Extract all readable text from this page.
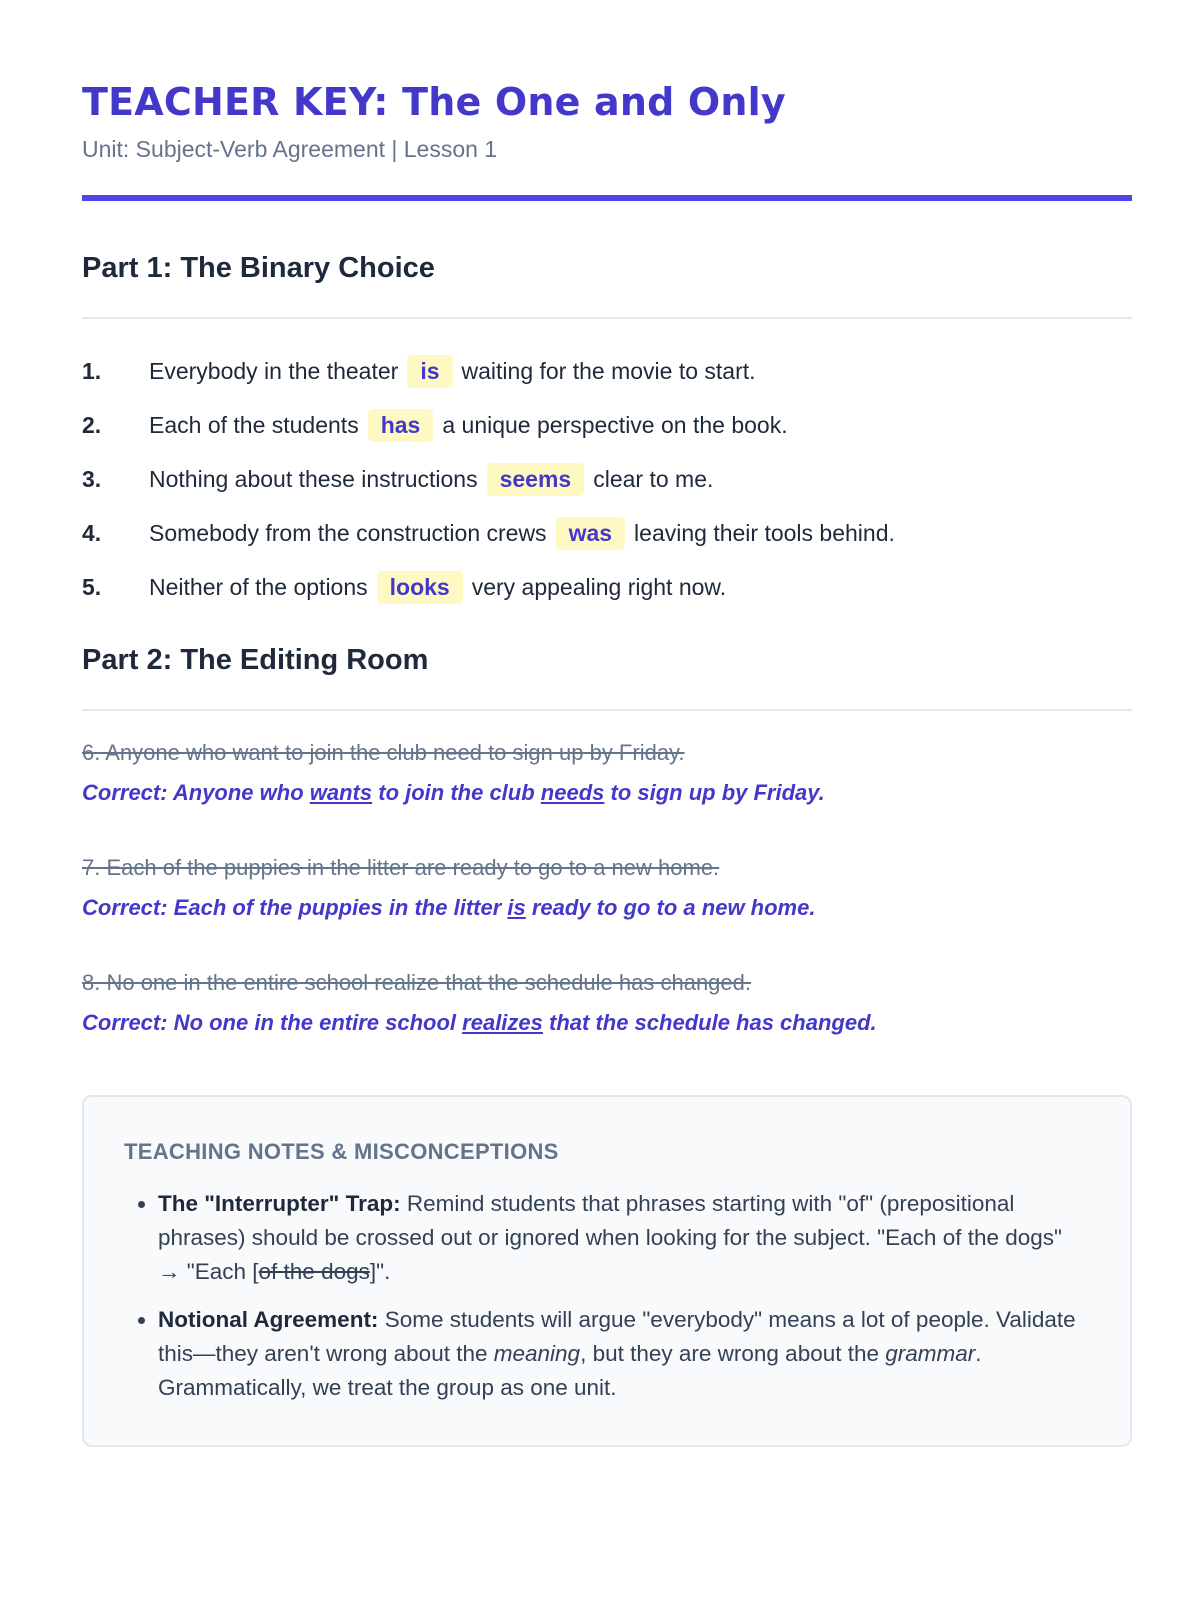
TEACHER KEY: The One and Only
Unit: Subject-Verb Agreement | Lesson 1
Part 1: The Binary Choice
1. Everybody in the theater is waiting for the movie to start.
2. Each of the students has a unique perspective on the book.
3. Nothing about these instructions seems clear to me.
4. Somebody from the construction crews was leaving their tools behind.
5. Neither of the options looks very appealing right now.
Part 2: The Editing Room
6. Anyone who want to join the club need to sign up by Friday.
Correct: Anyone who wants to join the club needs to sign up by Friday.
7. Each of the puppies in the litter are ready to go to a new home.
Correct: Each of the puppies in the litter is ready to go to a new home.
8. No one in the entire school realize that the schedule has changed.
Correct: No one in the entire school realizes that the schedule has changed.
TEACHING NOTES & MISCONCEPTIONS
• The "Interrupter" Trap: Remind students that phrases starting with "of" (prepositional phrases) should be crossed out or ignored when looking for the subject. "Each of the dogs" → "Each [of the dogs]".
• Notional Agreement: Some students will argue "everybody" means a lot of people. Validate this—they aren't wrong about the meaning, but they are wrong about the grammar. Grammatically, we treat the group as one unit.
